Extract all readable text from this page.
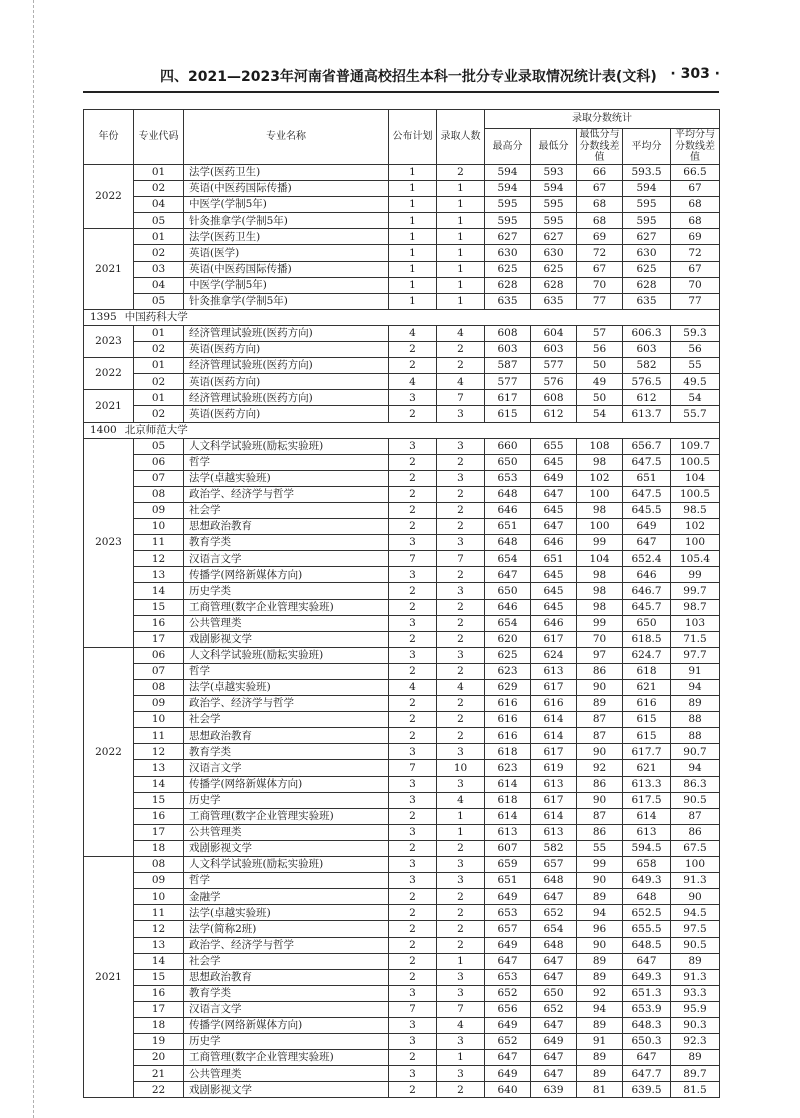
四、2021—2023年河南省普通高校招生本科一批分专业录取情况统计表(文科) · 303 ·
年份	专业代码	专业名称	公布计划	录取人数	录取分数统计				
					最高分	最低分	最低分与分数线差值	平均分	平均分与分数线差值
2022	01	法学(医药卫生)	1	2	594	593	66	593.5	66.5
	02	英语(中医药国际传播)	1	1	594	594	67	594	67
	04	中医学(学制5年)	1	1	595	595	68	595	68
	05	针灸推拿学(学制5年)	1	1	595	595	68	595	68
2021	01	法学(医药卫生)	1	1	627	627	69	627	69
	02	英语(医学)	1	1	630	630	72	630	72
	03	英语(中医药国际传播)	1	1	625	625	67	625	67
	04	中医学(学制5年)	1	1	628	628	70	628	70
	05	针灸推拿学(学制5年)	1	1	635	635	77	635	77
1395 中国药科大学									
2023	01	经济管理试验班(医药方向)	4	4	608	604	57	606.3	59.3
	02	英语(医药方向)	2	2	603	603	56	603	56
2022	01	经济管理试验班(医药方向)	2	2	587	577	50	582	55
	02	英语(医药方向)	4	4	577	576	49	576.5	49.5
2021	01	经济管理试验班(医药方向)	3	7	617	608	50	612	54
	02	英语(医药方向)	2	3	615	612	54	613.7	55.7
1400 北京师范大学									
2023	05	人文科学试验班(励耘实验班)	3	3	660	655	108	656.7	109.7
	06	哲学	2	2	650	645	98	647.5	100.5
	07	法学(卓越实验班)	2	3	653	649	102	651	104
	08	政治学、经济学与哲学	2	2	648	647	100	647.5	100.5
	09	社会学	2	2	646	645	98	645.5	98.5
	10	思想政治教育	2	2	651	647	100	649	102
	11	教育学类	3	3	648	646	99	647	100
	12	汉语言文学	7	7	654	651	104	652.4	105.4
	13	传播学(网络新媒体方向)	3	2	647	645	98	646	99
	14	历史学类	2	3	650	645	98	646.7	99.7
	15	工商管理(数字企业管理实验班)	2	2	646	645	98	645.7	98.7
	16	公共管理类	3	2	654	646	99	650	103
	17	戏剧影视文学	2	2	620	617	70	618.5	71.5
2022	06	人文科学试验班(励耘实验班)	3	3	625	624	97	624.7	97.7
	07	哲学	2	2	623	613	86	618	91
	08	法学(卓越实验班)	4	4	629	617	90	621	94
	09	政治学、经济学与哲学	2	2	616	616	89	616	89
	10	社会学	2	2	616	614	87	615	88
	11	思想政治教育	2	2	616	614	87	615	88
	12	教育学类	3	3	618	617	90	617.7	90.7
	13	汉语言文学	7	10	623	619	92	621	94
	14	传播学(网络新媒体方向)	3	3	614	613	86	613.3	86.3
	15	历史学	3	4	618	617	90	617.5	90.5
	16	工商管理(数字企业管理实验班)	2	1	614	614	87	614	87
	17	公共管理类	3	1	613	613	86	613	86
	18	戏剧影视文学	2	2	607	582	55	594.5	67.5
2021	08	人文科学试验班(励耘实验班)	3	3	659	657	99	658	100
	09	哲学	3	3	651	648	90	649.3	91.3
	10	金融学	2	2	649	647	89	648	90
	11	法学(卓越实验班)	2	2	653	652	94	652.5	94.5
	12	法学(简称2班)	2	2	657	654	96	655.5	97.5
	13	政治学、经济学与哲学	2	2	649	648	90	648.5	90.5
	14	社会学	2	1	647	647	89	647	89
	15	思想政治教育	2	3	653	647	89	649.3	91.3
	16	教育学类	3	3	652	650	92	651.3	93.3
	17	汉语言文学	7	7	656	652	94	653.9	95.9
	18	传播学(网络新媒体方向)	3	4	649	647	89	648.3	90.3
	19	历史学	3	3	652	649	91	650.3	92.3
	20	工商管理(数字企业管理实验班)	2	1	647	647	89	647	89
	21	公共管理类	3	3	649	647	89	647.7	89.7
	22	戏剧影视文学	2	2	640	639	81	639.5	81.5
